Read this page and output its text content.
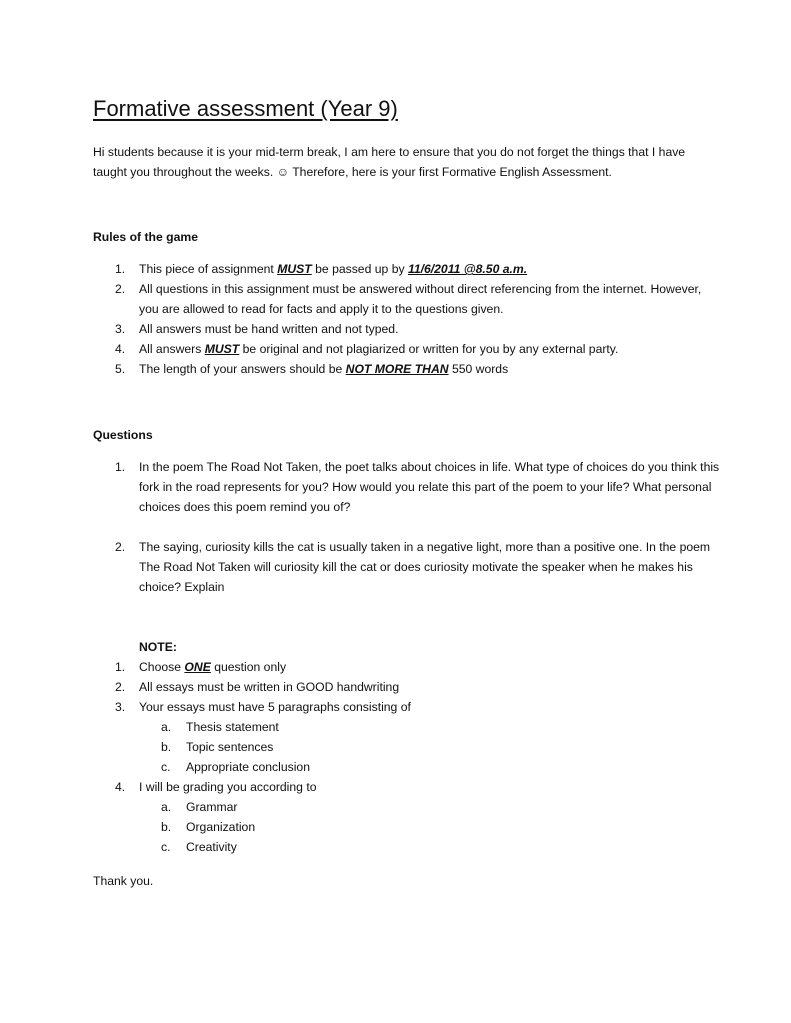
Formative assessment (Year 9)
Hi students because it is your mid-term break, I am here to ensure that you do not forget the things that I have taught you throughout the weeks. ☺ Therefore, here is your first Formative English Assessment.
Rules of the game
1. This piece of assignment MUST be passed up by 11/6/2011 @8.50 a.m.
2. All questions in this assignment must be answered without direct referencing from the internet. However, you are allowed to read for facts and apply it to the questions given.
3. All answers must be hand written and not typed.
4. All answers MUST be original and not plagiarized or written for you by any external party.
5. The length of your answers should be NOT MORE THAN 550 words
Questions
1. In the poem The Road Not Taken, the poet talks about choices in life. What type of choices do you think this fork in the road represents for you? How would you relate this part of the poem to your life? What personal choices does this poem remind you of?
2. The saying, curiosity kills the cat is usually taken in a negative light, more than a positive one. In the poem The Road Not Taken will curiosity kill the cat or does curiosity motivate the speaker when he makes his choice? Explain
NOTE:
1. Choose ONE question only
2. All essays must be written in GOOD handwriting
3. Your essays must have 5 paragraphs consisting of
a. Thesis statement
b. Topic sentences
c. Appropriate conclusion
4. I will be grading you according to
a. Grammar
b. Organization
c. Creativity
Thank you.
